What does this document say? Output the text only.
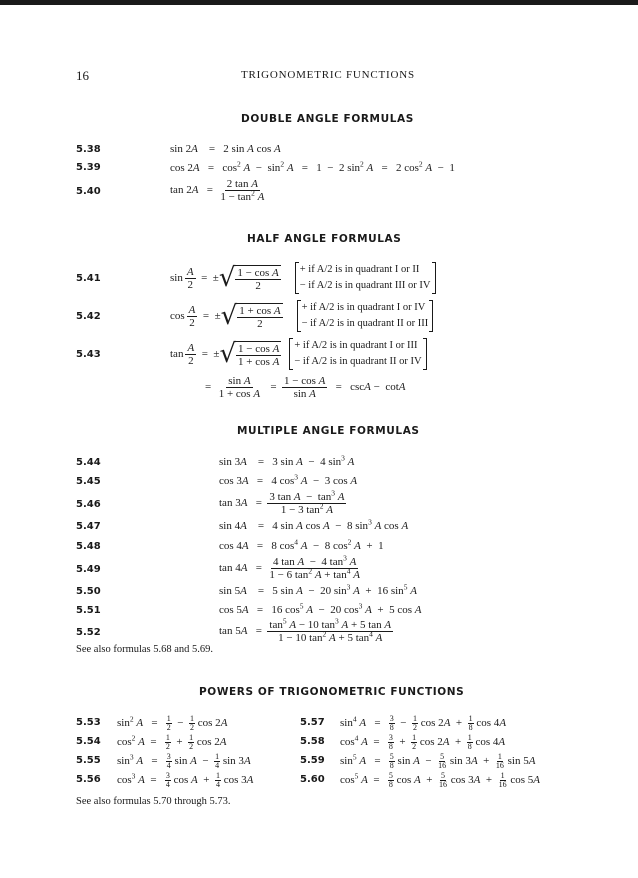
16	TRIGONOMETRIC FUNCTIONS
DOUBLE ANGLE FORMULAS
5.38	sin 2A    =   2 sin A cos A
5.39	$\cos 2A = \cos^2 A - \sin^2 A = 1 - 2$ $\sin^2 A = 2$ $\cos^2 A - 1$
5.40	$\tan 2A = \frac{\text{2 tan A}}{1 - \tan^2 A}$
HALF ANGLE FORMULAS
5.41	$\sin \frac{A}{2}$ =  ± √ $\frac{\text{1 − cos A}}{2}$	+ if A/2 is in quadrant I or II
− if A/2 is in quadrant III or IV
5.42	$\cos \frac{A}{2}$ =  ± √ $\frac{\text{1 + cos A}}{2}$	+ if A/2 is in quadrant I or IV
− if A/2 is in quadrant II or III
5.43	$\tan \frac{A}{2}$ =  ± √ $\frac{\text{1 − cos A}}{\text{1 + cos A}}$	+ if A/2 is in quadrant I or III
− if A/2 is in quadrant II or IV
= $\frac{\text{sin A}}{\text{1 + cos A}} = \frac{\text{1 − cos A}}{\text{sin A}} = \csc A - \cot A$
MULTIPLE ANGLE FORMULAS
5.44	sin 3A    =   3 sin A  −  4 $\sin^3 A$
5.45	cos 3A   =   4 $\cos^3 A - 3$ cos A
5.46	$\tan 3A = \frac{3 \tan A - \tan^3 A}{1 - 3 \tan^2 A}$
5.47	sin 4A    =   4 sin A cos A  −  8 $\sin^3 A$ cos A
5.48	cos 4A   =   8 $\cos^4 A - 8$ $\cos^2 A + 1$
5.49	$\tan 4A = \frac{4 \tan A - 4 \tan^3 A}{1 - 6 \tan^2 A + \tan^4 A}$
5.50	sin 5A    =   5 sin A  −  20 $\sin^3 A + 16$ $\sin^5 A$
5.51	cos 5A   =   16 $\cos^5 A - 20$ $\cos^3 A + 5$ cos A
5.52	$\tan 5A = \frac{\tan^5 A - 10 \tan^3 A + 5 \tan A}{1 - 10 \tan^2 A + 5 \tan^4 A}$
See also formulas 5.68 and 5.69.
POWERS OF TRIGONOMETRIC FUNCTIONS
5.53 $\sin^2 A = \frac{1}{2} - \frac{1}{2}$ cos 2A
5.54 $\cos^2 A = \frac{1}{2} + \frac{1}{2}$ cos 2A
5.55 $\sin^3 A = \frac{3}{4}$ $\sin A - \frac{1}{4}$ sin 3A
5.56 $\cos^3 A = \frac{3}{4}$ $\cos A + \frac{1}{4}$ cos 3A
5.57 $\sin^4 A = \frac{3}{8} - \frac{1}{2}$ $\cos 2A + \frac{1}{8}$ cos 4A
5.58 $\cos^4 A = \frac{3}{8} + \frac{1}{2}$ $\cos 2A + \frac{1}{8}$ cos 4A
5.59 $\sin^5 A = \frac{5}{8}$ $\sin A - \frac{5}{16}$ $\sin 3A + \frac{1}{16}$ sin 5A
5.60 $\cos^5 A = \frac{5}{8}$ $\cos A + \frac{5}{16}$ $\cos 3A + \frac{1}{16}$ cos 5A
See also formulas 5.70 through 5.73.
